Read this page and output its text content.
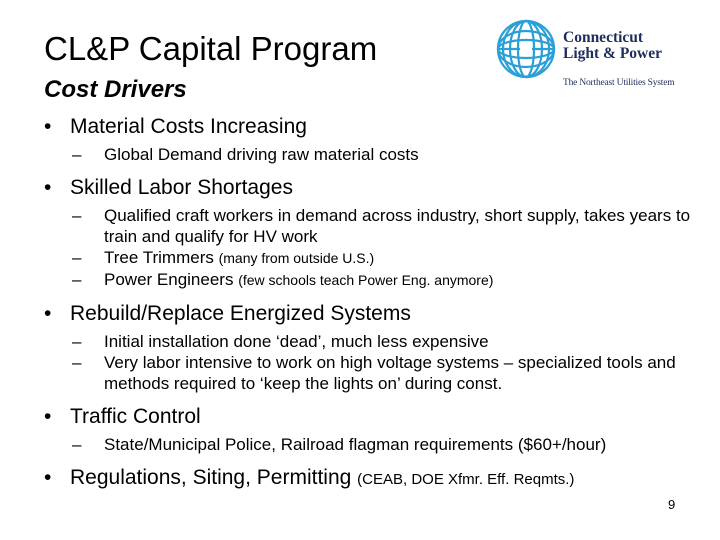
CL&P Capital Program
Cost Drivers
Connecticut
Light & Power
The Northeast Utilities System

• Material Costs Increasing

– Global Demand driving raw material costs

• Skilled Labor Shortages

– Qualified craft workers in demand across industry, short supply, takes years to train and qualify for HV work

– Tree Trimmers (many from outside U.S.)

– Power Engineers (few schools teach Power Eng. anymore)

• Rebuild/Replace Energized Systems

– Initial installation done ‘dead’, much less expensive

– Very labor intensive to work on high voltage systems – specialized tools and methods required to ‘keep the lights on’ during const.

• Traffic Control

– State/Municipal Police, Railroad flagman requirements ($60+/hour)

• Regulations, Siting, Permitting (CEAB, DOE Xfmr. Eff. Reqmts.)

9
